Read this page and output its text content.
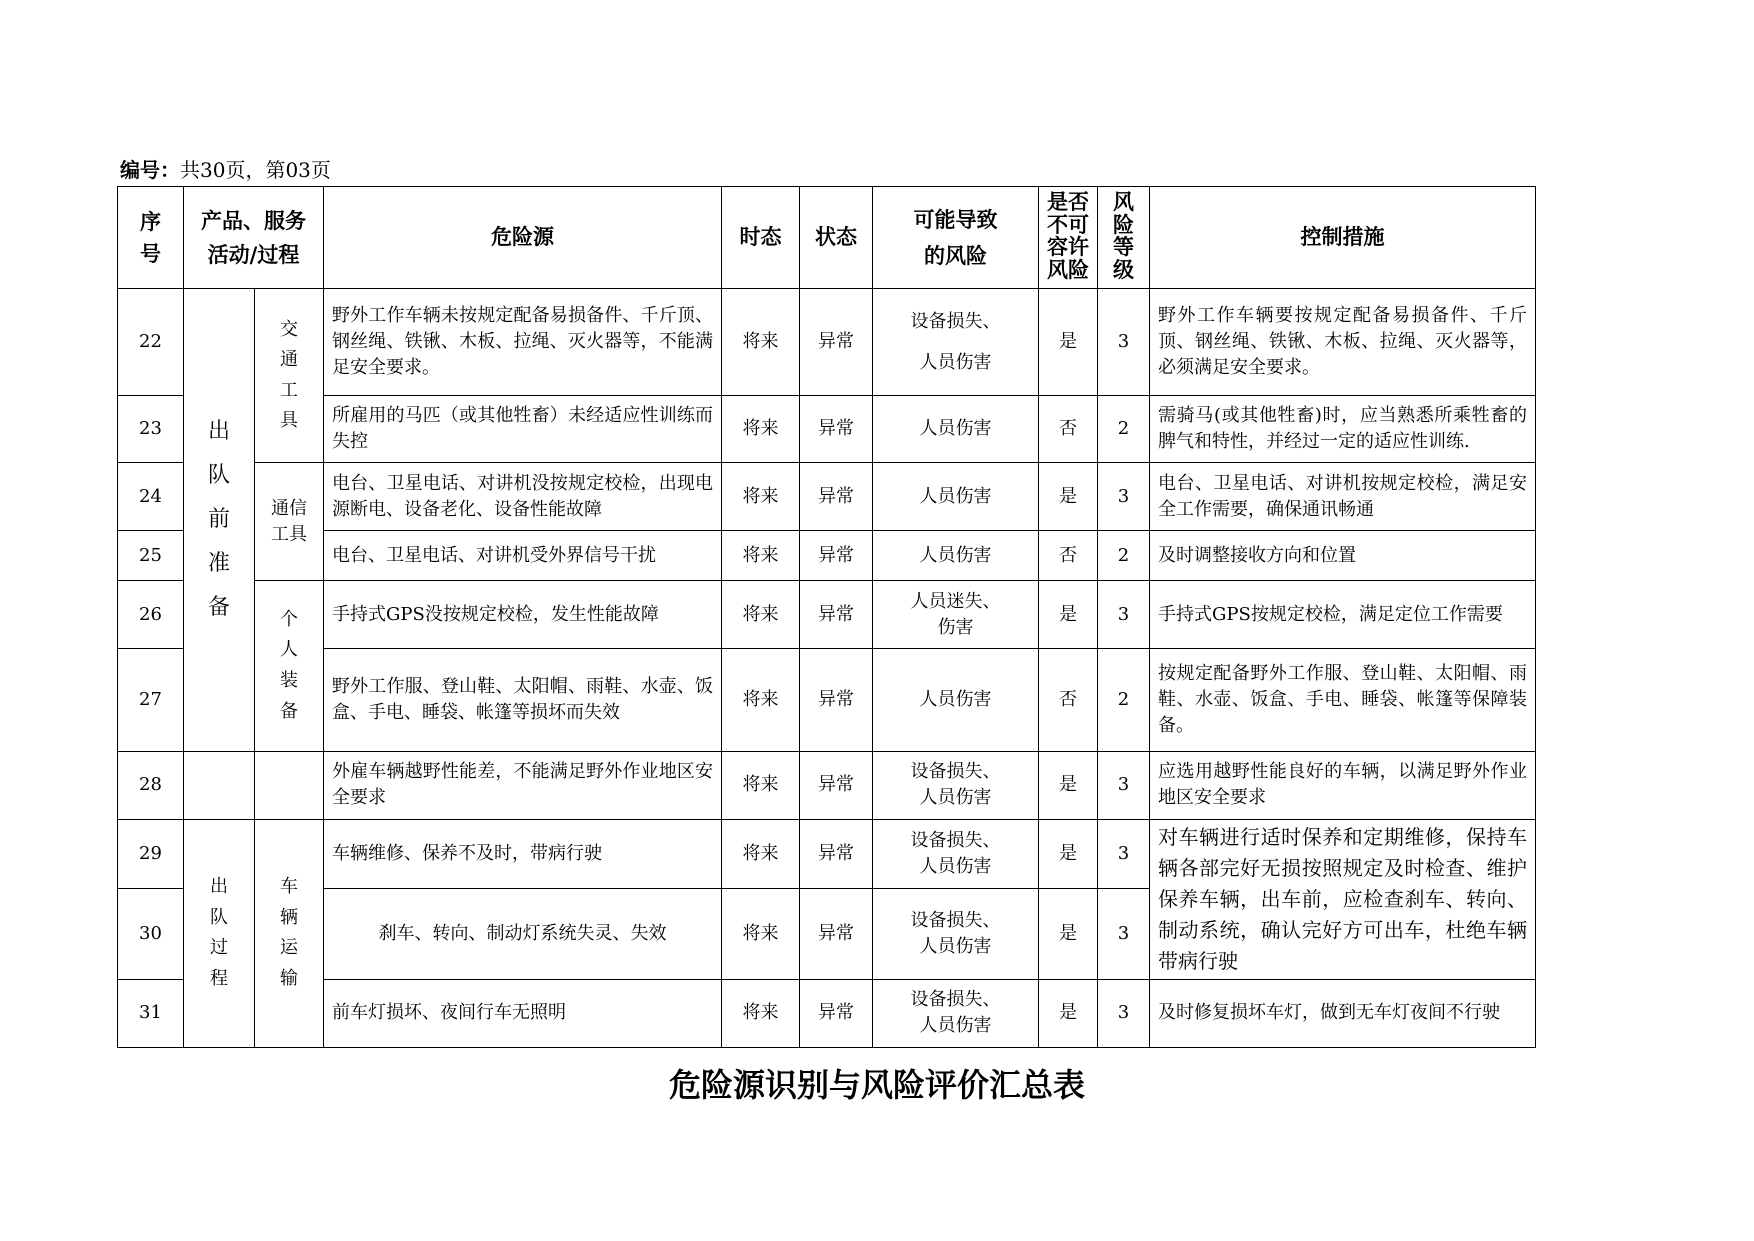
编号：共30页，第03页
序号	产品、服务活动/过程		危险源	时态	状态	可能导致的风险	是否不可容许风险	风险等级	控制措施
22	出队前准备	交通工具	野外工作车辆未按规定配备易损备件、千斤顶、钢丝绳、铁锹、木板、拉绳、灭火器等，不能满足安全要求。	将来	异常	设备损失、人员伤害	是	3	野外工作车辆要按规定配备易损备件、千斤顶、钢丝绳、铁锹、木板、拉绳、灭火器等，必须满足安全要求。
23			所雇用的马匹（或其他牲畜）未经适应性训练而失控	将来	异常	人员伤害	否	2	需骑马(或其他牲畜)时，应当熟悉所乘牲畜的脾气和特性，并经过一定的适应性训练.
24		通信工具	电台、卫星电话、对讲机没按规定校检，出现电源断电、设备老化、设备性能故障	将来	异常	人员伤害	是	3	电台、卫星电话、对讲机按规定校检，满足安全工作需要，确保通讯畅通
25			电台、卫星电话、对讲机受外界信号干扰	将来	异常	人员伤害	否	2	及时调整接收方向和位置
26		个人装备	手持式GPS没按规定校检，发生性能故障	将来	异常	人员迷失、伤害	是	3	手持式GPS按规定校检，满足定位工作需要
27			野外工作服、登山鞋、太阳帽、雨鞋、水壶、饭盒、手电、睡袋、帐篷等损坏而失效	将来	异常	人员伤害	否	2	按规定配备野外工作服、登山鞋、太阳帽、雨鞋、水壶、饭盒、手电、睡袋、帐篷等保障装备。
28			外雇车辆越野性能差，不能满足野外作业地区安全要求	将来	异常	设备损失、人员伤害	是	3	应选用越野性能良好的车辆，以满足野外作业地区安全要求
29	出队过程	车辆运输	车辆维修、保养不及时，带病行驶	将来	异常	设备损失、人员伤害	是	3	对车辆进行适时保养和定期维修，保持车辆各部完好无损按照规定及时检查、维护保养车辆，出车前，应检查刹车、转向、制动系统，确认完好方可出车，杜绝车辆带病行驶
30			刹车、转向、制动灯系统失灵、失效	将来	异常	设备损失、人员伤害	是	3	
31			前车灯损坏、夜间行车无照明	将来	异常	设备损失、人员伤害	是	3	及时修复损坏车灯，做到无车灯夜间不行驶
危险源识别与风险评价汇总表
